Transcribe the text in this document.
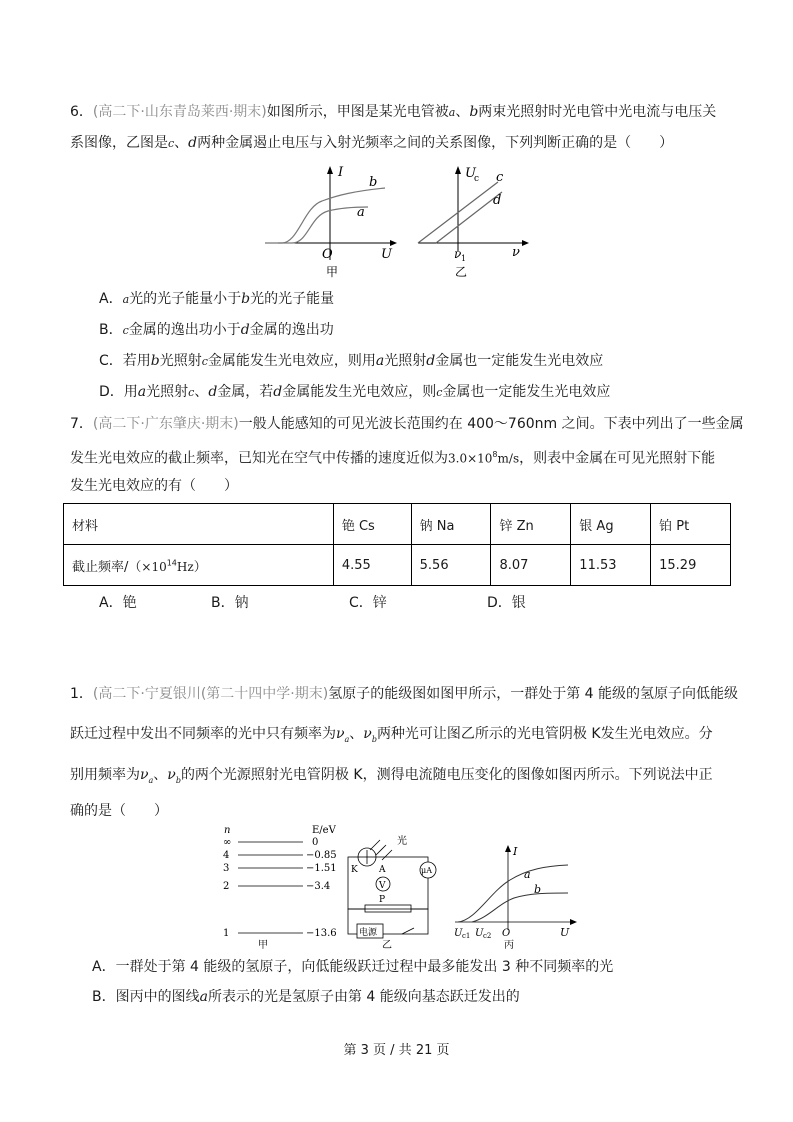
6．(高二下·山东青岛莱西·期末)如图所示，甲图是某光电管被a、b两束光照射时光电管中光电流与电压关
系图像，乙图是c、d两种金属遏止电压与入射光频率之间的关系图像，下列判断正确的是（　　）
I
b
a
O	U
甲
U
c c
d
ν 1	ν
乙
A．a光的光子能量小于b光的光子能量
B．c金属的逸出功小于d金属的逸出功
C．若用b光照射c金属能发生光电效应，则用a光照射d金属也一定能发生光电效应
D．用a光照射c、d金属，若d金属能发生光电效应，则c金属也一定能发生光电效应
7．(高二下·广东肇庆·期末)一般人能感知的可见光波长范围约在 400～760nm 之间。下表中列出了一些金属
发生光电效应的截止频率，已知光在空气中传播的速度近似为$3.0\times 10^8m/s$，则表中金属在可见光照射下能
发生光电效应的有（　　）
材料	铯 Cs	钠 Na	锌 Zn	银 Ag	铂 Pt
截止频率$/(\times 10^{14}Hz)$	4.55	5.56	8.07	11.53	15.29
A．铯	B．钠	C．锌	D．银
1．(高二下·宁夏银川(第二十四中学·期末)氢原子的能级图如图甲所示，一群处于第 4 能级的氢原子向低能级
跃迁过程中发出不同频率的光中只有频率为$\nu_a$、$\nu_b$两种光可让图乙所示的光电管阴极 K发生光电效应。分
别用频率为$\nu_a$、$\nu_b$的两个光源照射光电管阴极 K，测得电流随电压变化的图像如图丙所示。下列说法中正
确的是（　　）
n	E/eV
∞	0
4	−0.85
3	−1.51
2	−3.4
1	−13.6
甲
光
μA
V
K A
P
电源
乙
I
a
b
U c1 U c2 O	U
丙
A．一群处于第 4 能级的氢原子，向低能级跃迁过程中最多能发出 3 种不同频率的光
B．图丙中的图线a所表示的光是氢原子由第 4 能级向基态跃迁发出的
第 3 页 / 共 21 页
